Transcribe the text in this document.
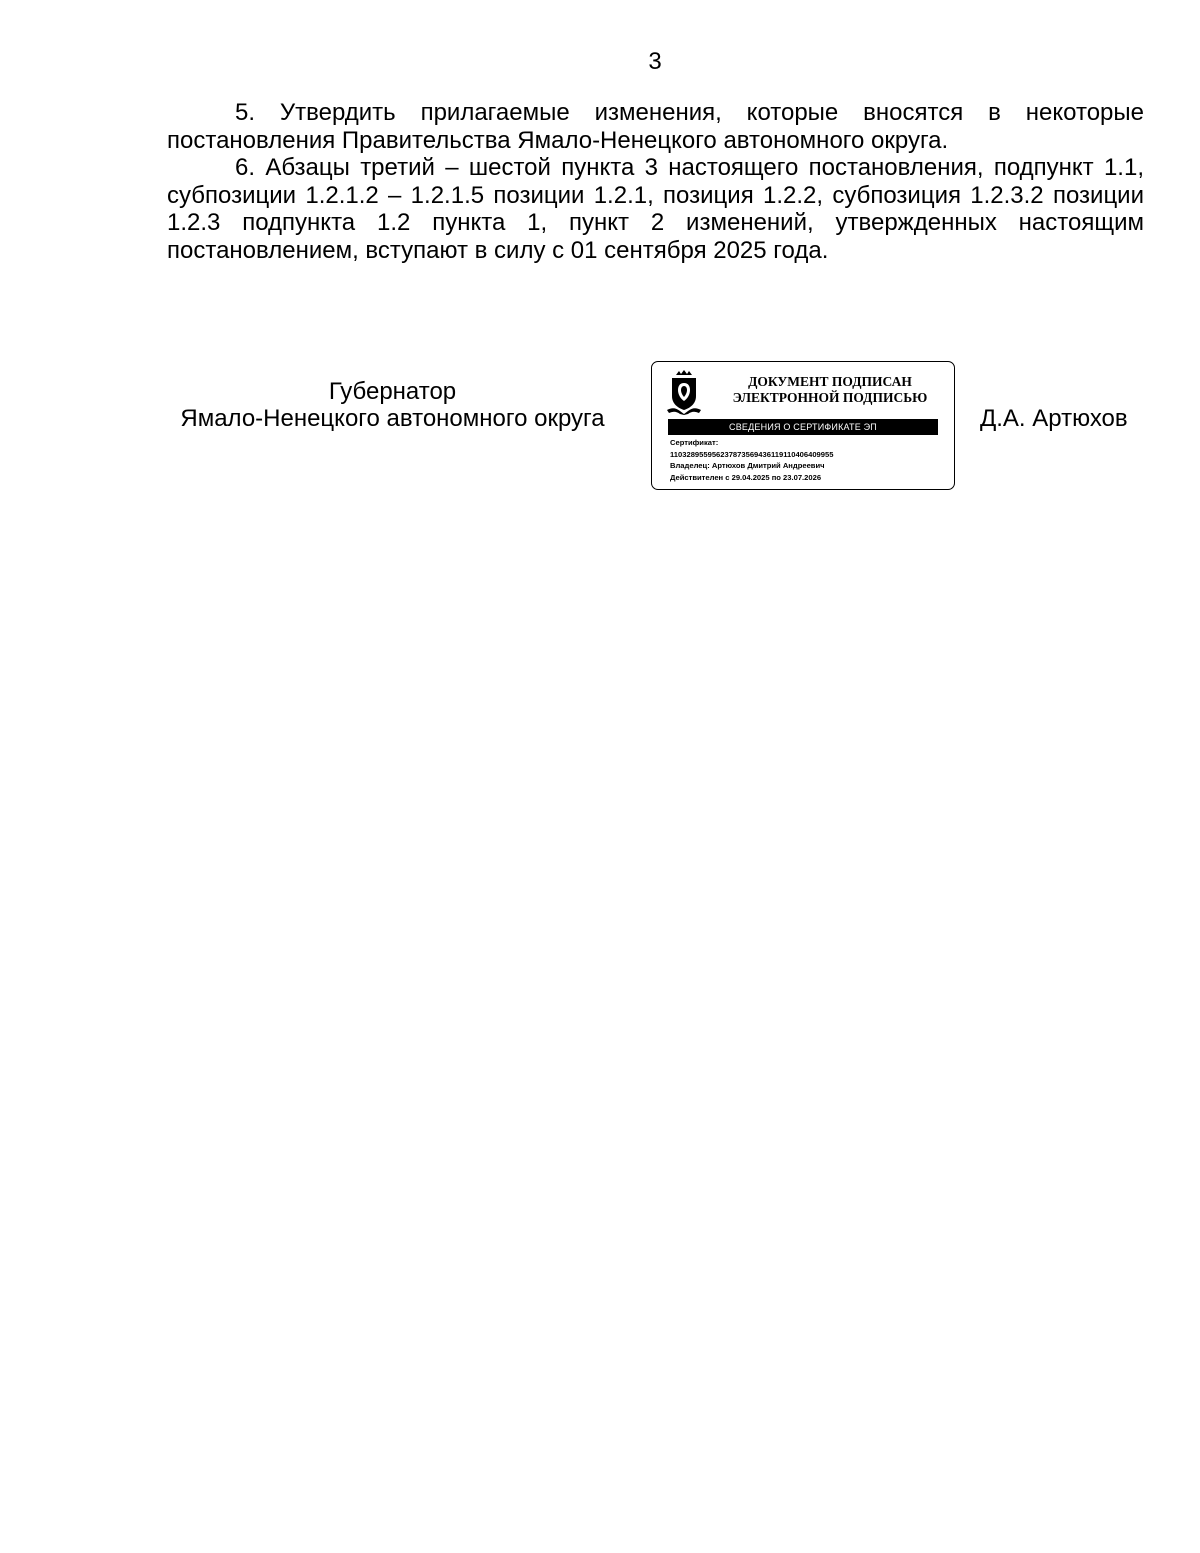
3

5. Утвердить прилагаемые изменения, которые вносятся в некоторые постановления Правительства Ямало-Ненецкого автономного округа.

6. Абзацы третий – шестой пункта 3 настоящего постановления, подпункт 1.1, субпозиции 1.2.1.2 – 1.2.1.5 позиции 1.2.1, позиция 1.2.2, субпозиция 1.2.3.2 позиции 1.2.3 подпункта 1.2 пункта 1, пункт 2 изменений, утвержденных настоящим постановлением, вступают в силу с 01 сентября 2025 года.

Губернатор
Ямало-Ненецкого автономного округа
ДОКУМЕНТ ПОДПИСАН
ЭЛЕКТРОННОЙ ПОДПИСЬЮ
СВЕДЕНИЯ О СЕРТИФИКАТЕ ЭП
Сертификат:
110328955956237873569436119110406409955
Владелец: Артюхов Дмитрий Андреевич
Действителен с 29.04.2025 по 23.07.2026
Д.А. Артюхов
